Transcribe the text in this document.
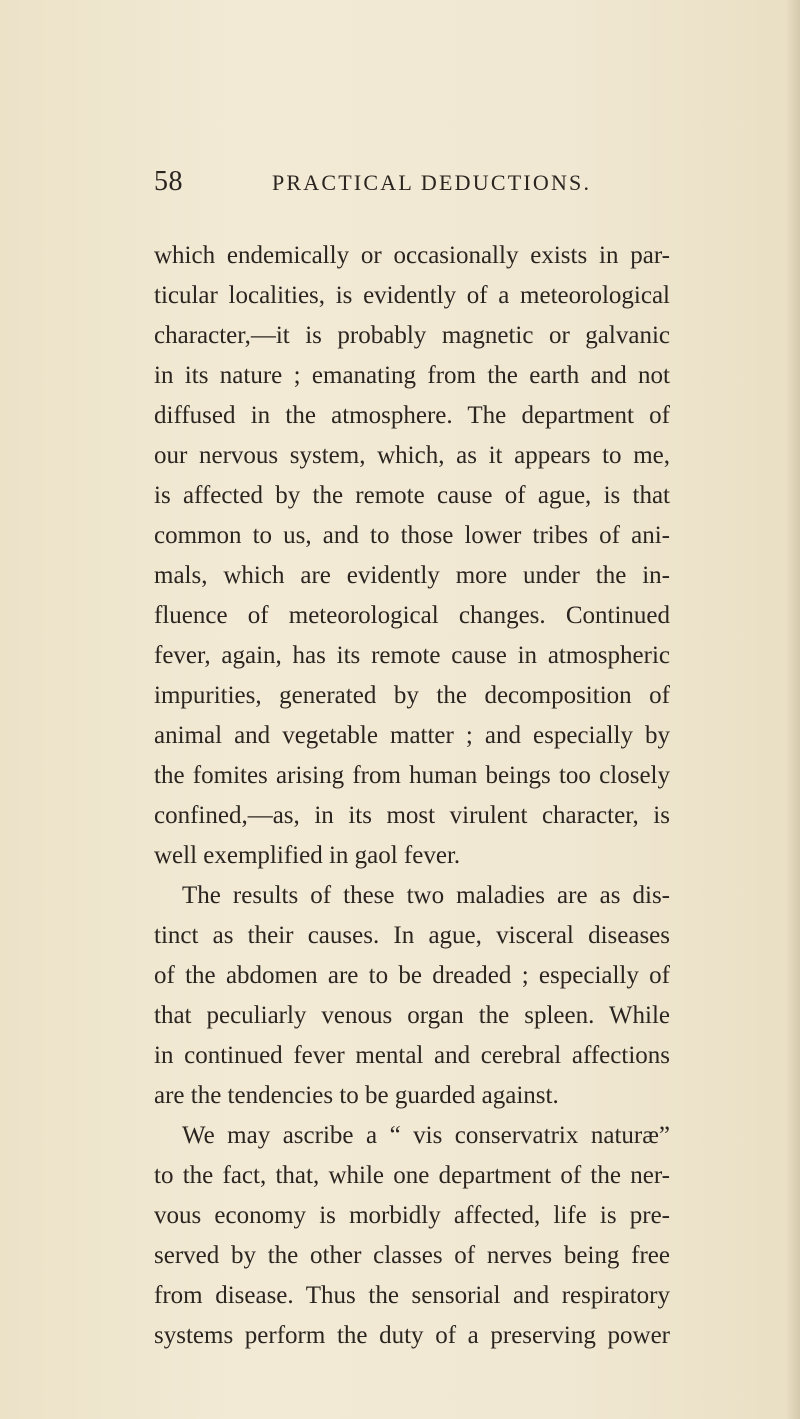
58	PRACTICAL DEDUCTIONS.
which endemically or occasionally exists in par-
ticular localities, is evidently of a meteorological
character,—it is probably magnetic or galvanic
in its nature ; emanating from the earth and not
diffused in the atmosphere. The department of
our nervous system, which, as it appears to me,
is affected by the remote cause of ague, is that
common to us, and to those lower tribes of ani-
mals, which are evidently more under the in-
fluence of meteorological changes. Continued
fever, again, has its remote cause in atmospheric
impurities, generated by the decomposition of
animal and vegetable matter ; and especially by
the fomites arising from human beings too closely
confined,—as, in its most virulent character, is
well exemplified in gaol fever.
The results of these two maladies are as dis-
tinct as their causes. In ague, visceral diseases
of the abdomen are to be dreaded ; especially of
that peculiarly venous organ the spleen. While
in continued fever mental and cerebral affections
are the tendencies to be guarded against.
We may ascribe a “ vis conservatrix naturæ”
to the fact, that, while one department of the ner-
vous economy is morbidly affected, life is pre-
served by the other classes of nerves being free
from disease. Thus the sensorial and respiratory
systems perform the duty of a preserving power
